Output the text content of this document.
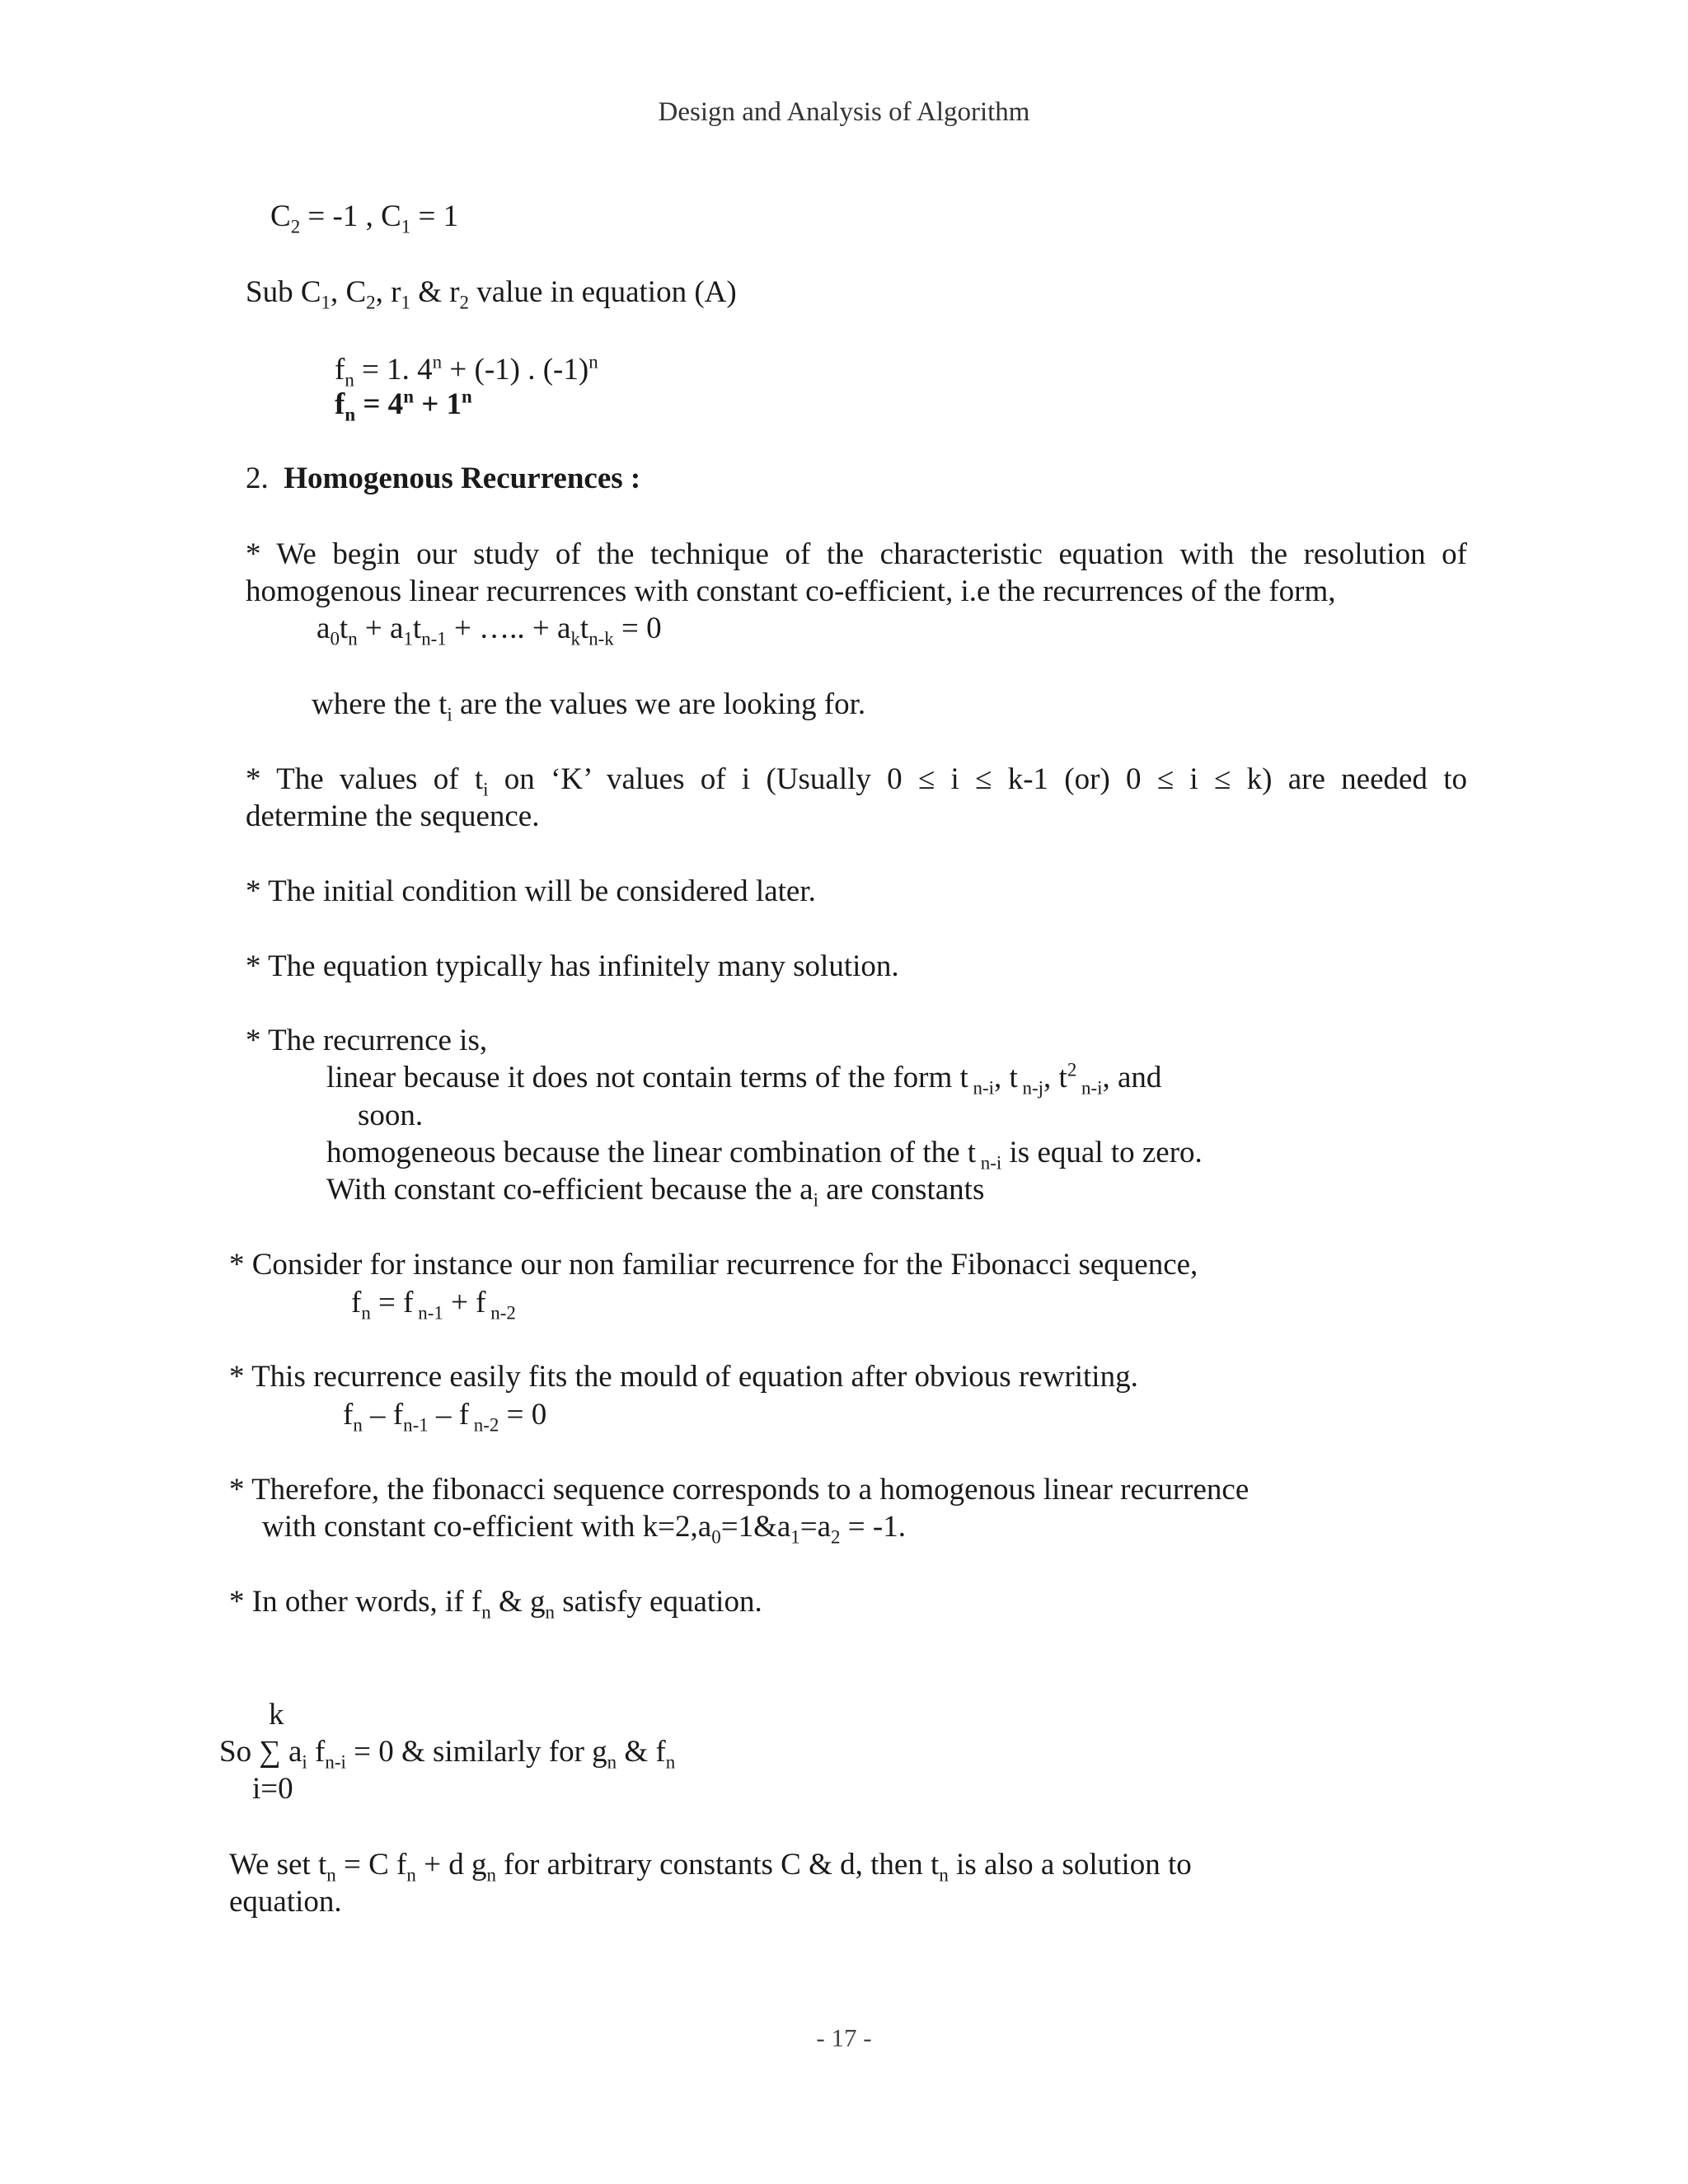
Design and Analysis of Algorithm
$C_2 = -1$ , $C_1 = 1$
Sub $C_1$, $C_2$, $r_1$ & $r_2$ value in equation (A)
$f_n = 1$. $4^n + (-1)$ . $(-1)^n$
$f_n = 4^n + 1^n$
2. Homogenous Recurrences :
* We begin our study of the technique of the characteristic equation with the resolution of
homogenous linear recurrences with constant co-efficient, i.e the recurrences of the form,
$a_0t_n + a_1t_{n-1}$ + ….. + $a_kt_{n-k} = 0$
where the $t_i$ are the values we are looking for.
* The values of $t_i$ on ‘K’ values of i (Usually 0 ≤ i ≤ k-1 (or) 0 ≤ i ≤ k) are needed to
determine the sequence.
* The initial condition will be considered later.
* The equation typically has infinitely many solution.
* The recurrence is,
linear because it does not contain terms of the form t $_{n-i}$, t $_{n-j}$, $t^2$ $_{n-i}$, and
soon.
homogeneous because the linear combination of the t $_{n-i}$ is equal to zero.
With constant co-efficient because the $a_i$ are constants
* Consider for instance our non familiar recurrence for the Fibonacci sequence,
$f_n = f$ $_{n-1}$ + f $_{n-2}$
* This recurrence easily fits the mould of equation after obvious rewriting.
$f_n - f_{n-1}$ – f $_{n-2}$ = 0
* Therefore, the fibonacci sequence corresponds to a homogenous linear recurrence
with constant co-efficient with $k=2,a_0=1\&a_1=a_2 = -1$.
* In other words, if $f_n$ & $g_n$ satisfy equation.
k
So ∑ $a_i$ $f_{n-i} = 0$ & similarly for $g_n$ & $f_n$
i=0
We set $t_n = C$ $f_n + d$ $g_n$ for arbitrary constants C & d, then $t_n$ is also a solution to
equation.
- 17 -
